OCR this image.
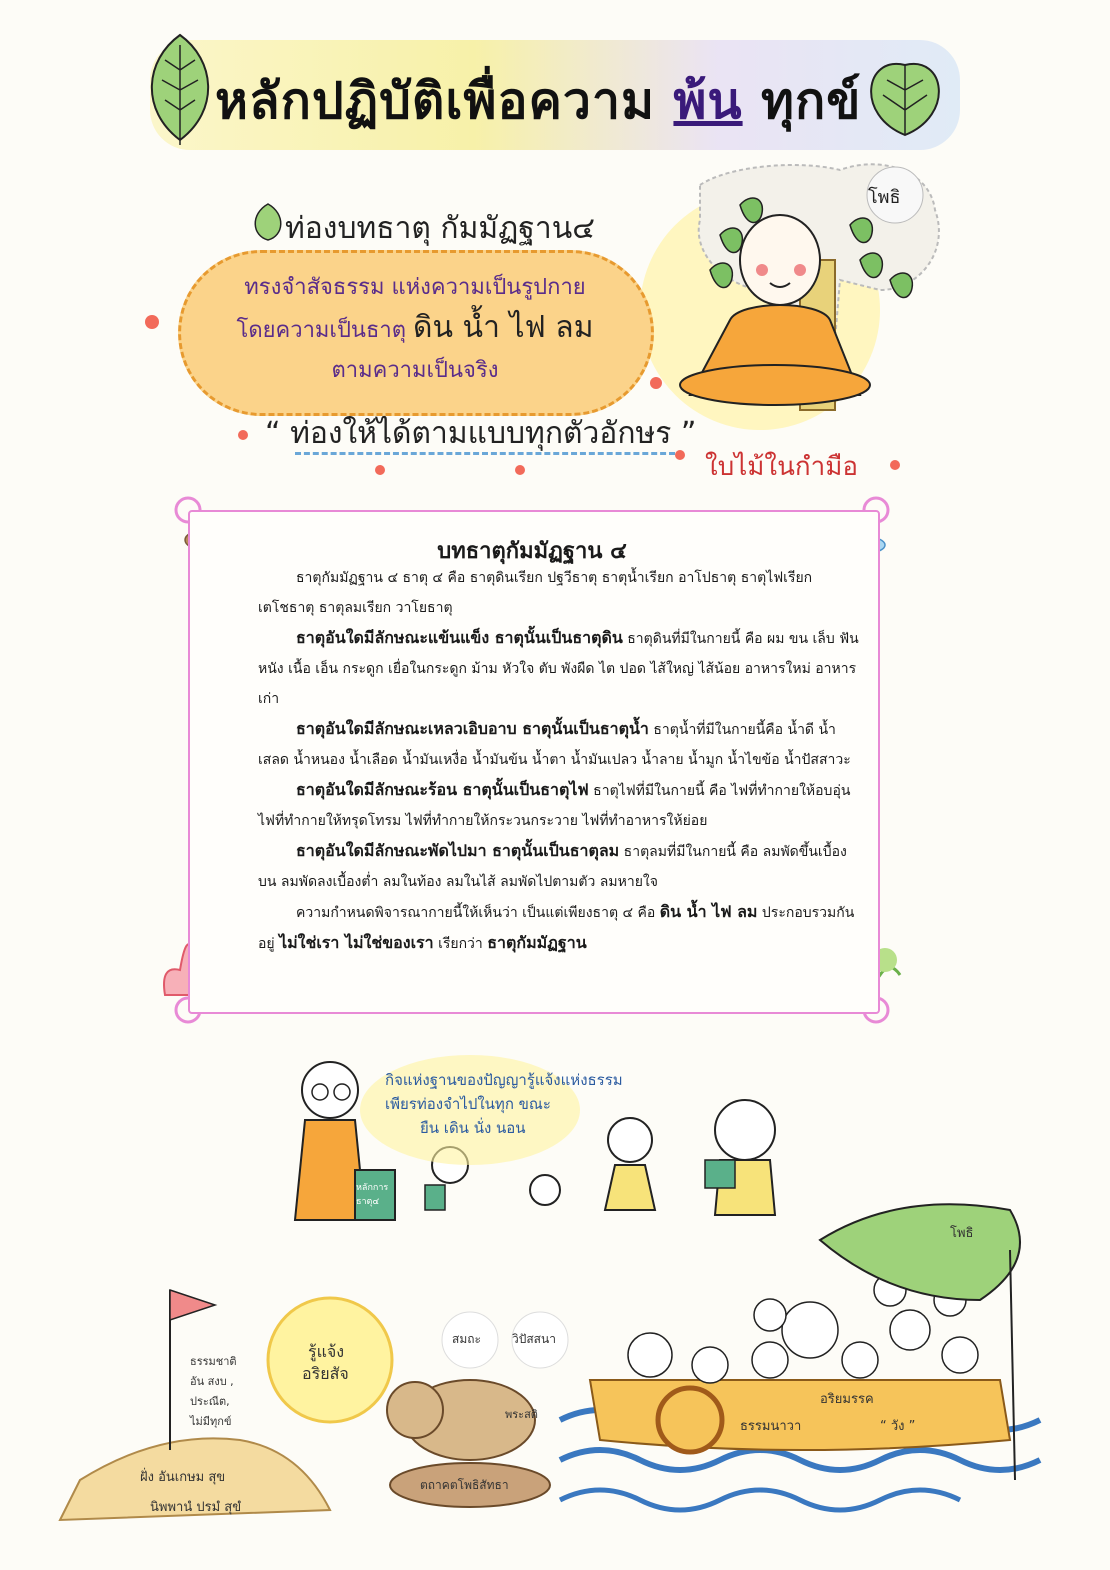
หลักปฏิบัติเพื่อความ พ้น ทุกข์
ท่องบทธาตุ กัมมัฏฐาน๔
ทรงจำสัจธรรม แห่งความเป็นรูปกาย
โดยความเป็นธาตุ ดิน น้ำ ไฟ ลม
ตามความเป็นจริง
“ ท่องให้ได้ตามแบบทุกตัวอักษร ”
ใบไม้ในกำมือ
โพธิ
บทธาตุกัมมัฏฐาน ๔

ธาตุกัมมัฏฐาน ๔ ธาตุ ๔ คือ ธาตุดินเรียก ปฐวีธาตุ ธาตุน้ำเรียก อาโปธาตุ ธาตุไฟเรียก เตโชธาตุ ธาตุลมเรียก วาโยธาตุ

ธาตุอันใดมีลักษณะแข้นแข็ง ธาตุนั้นเป็นธาตุดิน ธาตุดินที่มีในกายนี้ คือ ผม ขน เล็บ ฟัน หนัง เนื้อ เอ็น กระดูก เยื่อในกระดูก ม้าม หัวใจ ตับ พังผืด ไต ปอด ไส้ใหญ่ ไส้น้อย อาหารใหม่ อาหารเก่า

ธาตุอันใดมีลักษณะเหลวเอิบอาบ ธาตุนั้นเป็นธาตุน้ำ ธาตุน้ำที่มีในกายนี้คือ น้ำดี น้ำเสลด น้ำหนอง น้ำเลือด น้ำมันเหงื่อ น้ำมันข้น น้ำตา น้ำมันเปลว น้ำลาย น้ำมูก น้ำไขข้อ น้ำปัสสาวะ

ธาตุอันใดมีลักษณะร้อน ธาตุนั้นเป็นธาตุไฟ ธาตุไฟที่มีในกายนี้ คือ ไฟที่ทำกายให้อบอุ่น ไฟที่ทำกายให้ทรุดโทรม ไฟที่ทำกายให้กระวนกระวาย ไฟที่ทำอาหารให้ย่อย

ธาตุอันใดมีลักษณะพัดไปมา ธาตุนั้นเป็นธาตุลม ธาตุลมที่มีในกายนี้ คือ ลมพัดขึ้นเบื้องบน ลมพัดลงเบื้องต่ำ ลมในท้อง ลมในไส้ ลมพัดไปตามตัว ลมหายใจ

ความกำหนดพิจารณากายนี้ให้เห็นว่า เป็นแต่เพียงธาตุ ๔ คือ ดิน น้ำ ไฟ ลม ประกอบรวมกันอยู่ ไม่ใช่เรา ไม่ใช่ของเรา เรียกว่า ธาตุกัมมัฏฐาน

กิจแห่งฐานของปัญญารู้แจ้งแห่งธรรม
เพียรท่องจำไปในทุก ขณะ
ยืน เดิน นั่ง นอน
หลักการ ธาตุ๔
รู้แจ้ง
อริยสัจ
ธรรมชาติ
อัน สงบ ,
ประณีต,
ไม่มีทุกข์
ฝั่ง อันเกษม สุข
นิพพานํ ปรมํ สุขํ
สมถะ	วิปัสสนา
พระสติ
ตถาคตโพธิสัทธา
อริยมรรค
ธรรมนาวา	“ วัง ”
โพธิ
